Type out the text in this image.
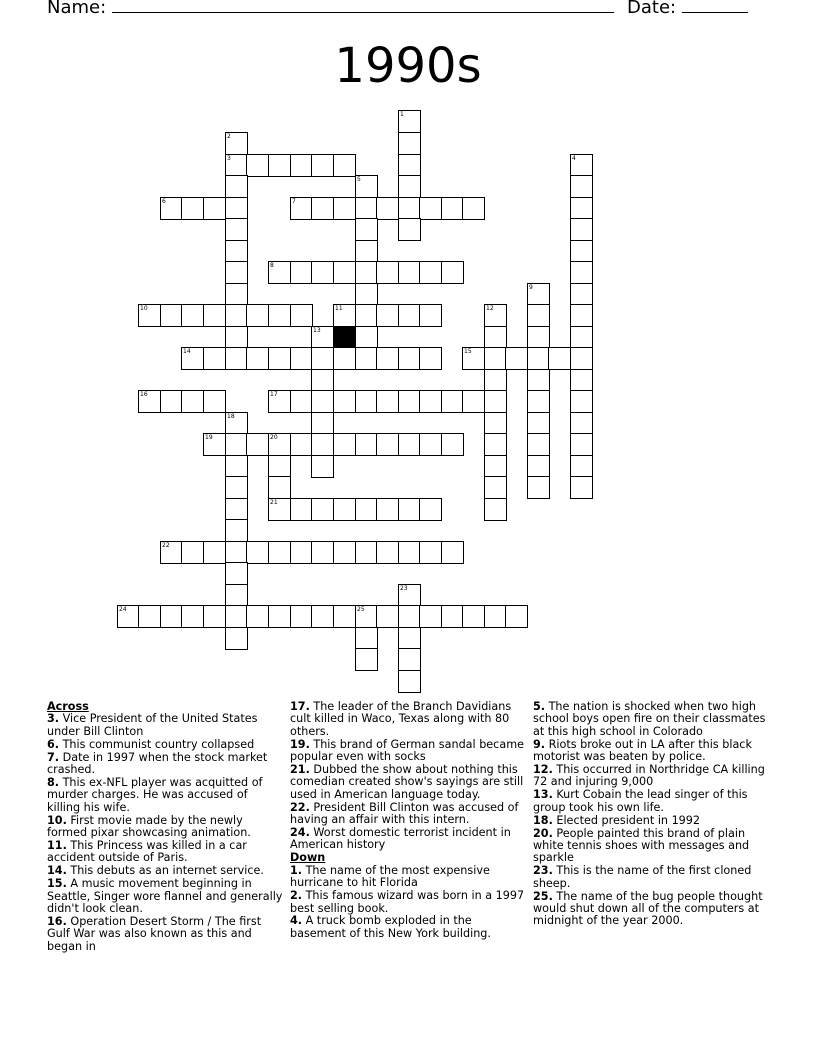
Name:	Date:
1990s
1
2
3	4
5
6	7
8
9
10	11	12
13
14	15
16	17
18
19	20
21
22
23
24	25
Across
3. Vice President of the United States under Bill Clinton
6. This communist country collapsed
7. Date in 1997 when the stock market crashed.
8. This ex-NFL player was acquitted of murder charges. He was accused of killing his wife.
10. First movie made by the newly formed pixar showcasing animation.
11. This Princess was killed in a car accident outside of Paris.
14. This debuts as an internet service.
15. A music movement beginning in Seattle, Singer wore flannel and generally didn't look clean.
16. Operation Desert Storm / The first Gulf War was also known as this and began in
17. The leader of the Branch Davidians cult killed in Waco, Texas along with 80 others.
19. This brand of German sandal became popular even with socks
21. Dubbed the show about nothing this comedian created show's sayings are still used in American language today.
22. President Bill Clinton was accused of having an affair with this intern.
24. Worst domestic terrorist incident in American history
Down
1. The name of the most expensive hurricane to hit Florida
2. This famous wizard was born in a 1997 best selling book.
4. A truck bomb exploded in the basement of this New York building.
5. The nation is shocked when two high school boys open fire on their classmates at this high school in Colorado
9. Riots broke out in LA after this black motorist was beaten by police.
12. This occurred in Northridge CA killing 72 and injuring 9,000
13. Kurt Cobain the lead singer of this group took his own life.
18. Elected president in 1992
20. People painted this brand of plain white tennis shoes with messages and sparkle
23. This is the name of the first cloned sheep.
25. The name of the bug people thought would shut down all of the computers at midnight of the year 2000.
